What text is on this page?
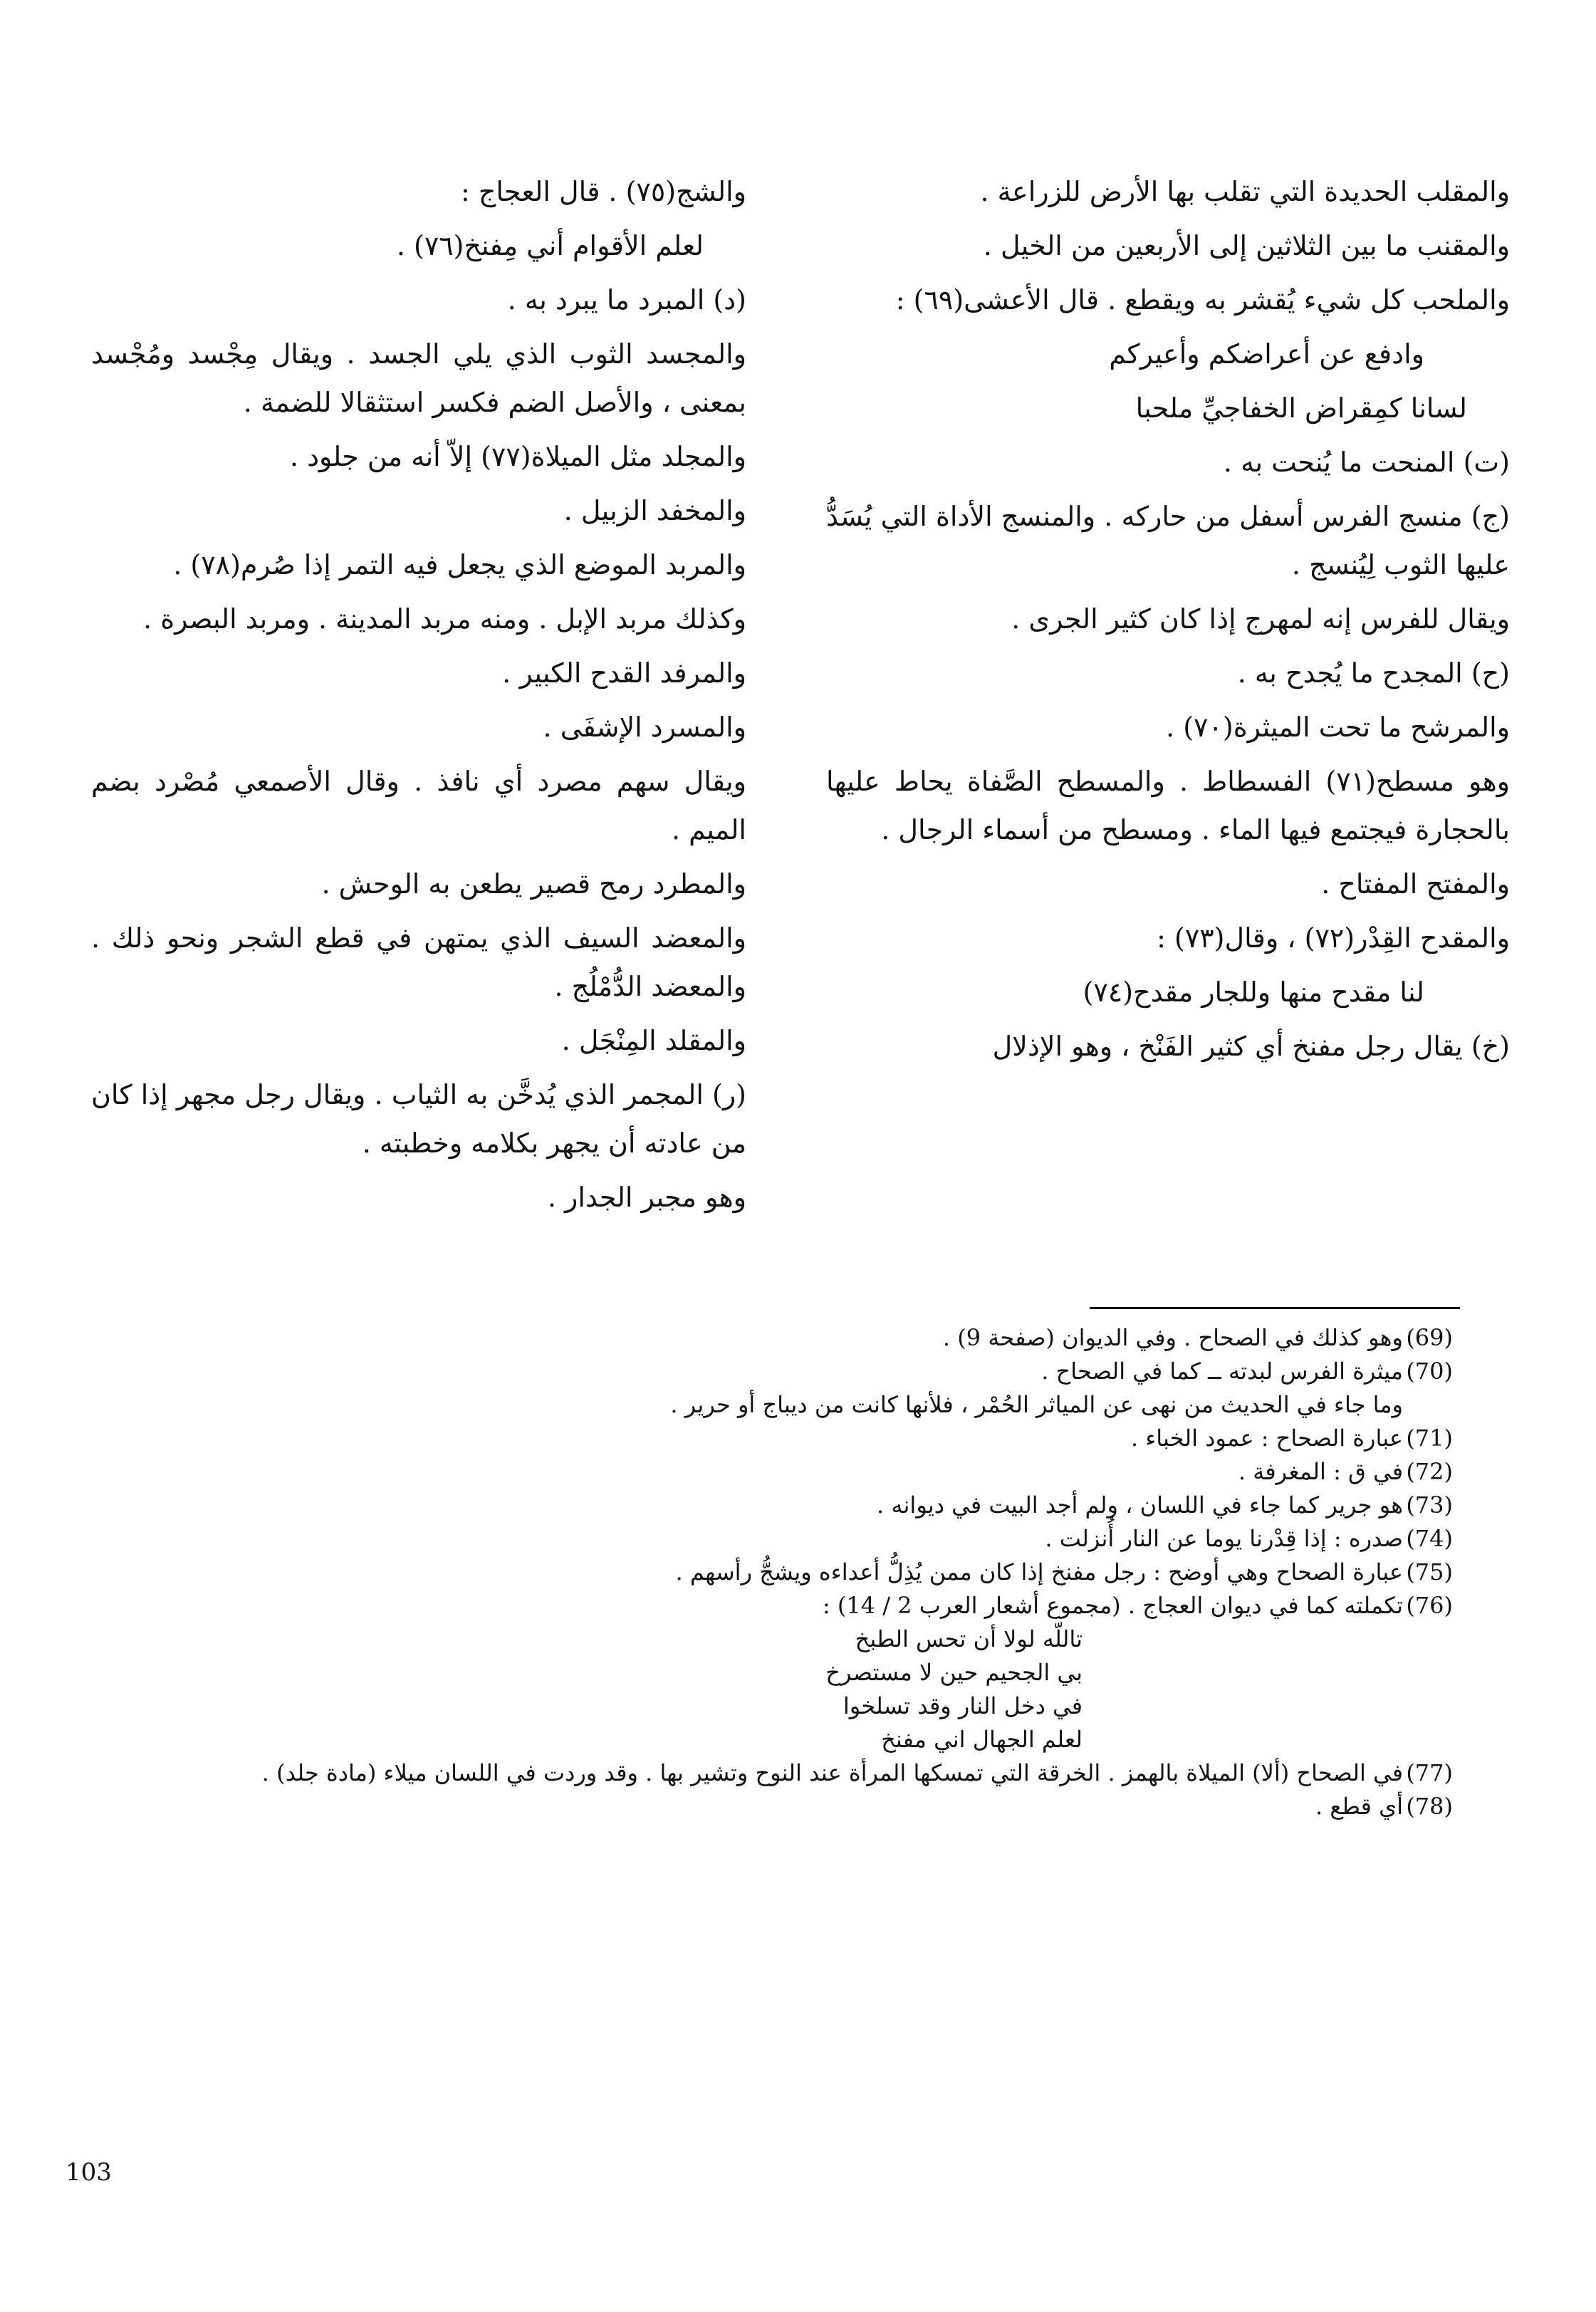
والمقلب الحديدة التي تقلب بها الأرض للزراعة .

والمقنب ما بين الثلاثين إلى الأربعين من الخيل .

والملحب كل شيء يُقشر به ويقطع . قال الأعشى(٦٩) :

وادفع عن أعراضكم وأعيركم

لسانا كمِقراض الخفاجيِّ ملحبا

(ت) المنحت ما يُنحت به .

(ج) منسج الفرس أسفل من حاركه . والمنسج الأداة التي يُسَدُّ عليها الثوب لِيُنسج .

ويقال للفرس إنه لمهرج إذا كان كثير الجرى .

(ح) المجدح ما يُجدح به .

والمرشح ما تحت الميثرة(٧٠) .

وهو مسطح(٧١) الفسطاط . والمسطح الصَّفاة يحاط عليها بالحجارة فيجتمع فيها الماء . ومسطح من أسماء الرجال .

والمفتح المفتاح .

والمقدح القِدْر(٧٢) ، وقال(٧٣) :

لنا مقدح منها وللجار مقدح(٧٤)

(خ) يقال رجل مفنخ أي كثير الفَنْخ ، وهو الإذلال

والشج(٧٥) . قال العجاج :

لعلم الأقوام أني مِفنخ(٧٦) .

(د) المبرد ما يبرد به .

والمجسد الثوب الذي يلي الجسد . ويقال مِجْسد ومُجْسد بمعنى ، والأصل الضم فكسر استثقالا للضمة .

والمجلد مثل الميلاة(٧٧) إلاّ أنه من جلود .

والمخفد الزبيل .

والمربد الموضع الذي يجعل فيه التمر إذا صُرم(٧٨) .

وكذلك مربد الإبل . ومنه مربد المدينة . ومربد البصرة .

والمرفد القدح الكبير .

والمسرد الإشفَى .

ويقال سهم مصرد أي نافذ . وقال الأصمعي مُصْرد بضم الميم .

والمطرد رمح قصير يطعن به الوحش .

والمعضد السيف الذي يمتهن في قطع الشجر ونحو ذلك . والمعضد الدُّمْلُج .

والمقلد المِنْجَل .

(ر) المجمر الذي يُدخَّن به الثياب . ويقال رجل مجهر إذا كان من عادته أن يجهر بكلامه وخطبته .

وهو مجبر الجدار .

(69)وهو كذلك في الصحاح . وفي الديوان (صفحة 9) .

(70)ميثرة الفرس لبدته ــ كما في الصحاح .

وما جاء في الحديث من نهى عن المياثر الحُمْر ، فلأنها كانت من ديباج أو حرير .

(71)عبارة الصحاح : عمود الخباء .

(72)في ق : المغرفة .

(73)هو جرير كما جاء في اللسان ، ولم أجد البيت في ديوانه .

(74)صدره : إذا قِدْرنا يوما عن النار أُنزلت .

(75)عبارة الصحاح وهي أوضح : رجل مفنخ إذا كان ممن يُذِلُّ أعداءه ويشجُّ رأسهم .

(76)تكملته كما في ديوان العجاج . (مجموع أشعار العرب 2 / 14) :

تاللّه لولا أن تحس الطبخ

بي الجحيم حين لا مستصرخ

في دخل النار وقد تسلخوا

لعلم الجهال اني مفنخ

(77)في الصحاح (ألا) الميلاة بالهمز . الخرقة التي تمسكها المرأة عند النوح وتشير بها . وقد وردت في اللسان ميلاء (مادة جلد) .

(78)أي قطع .

103
